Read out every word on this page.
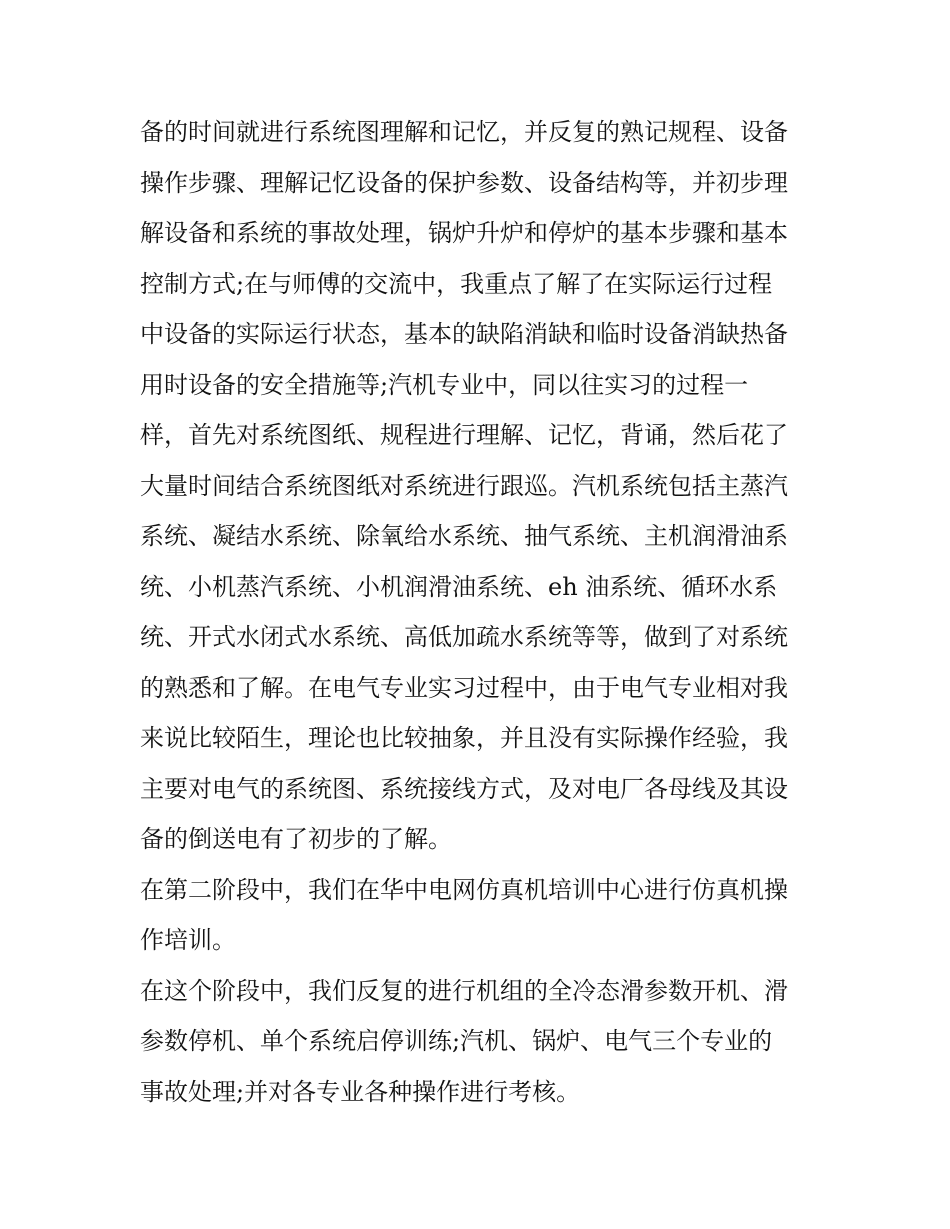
备的时间就进行系统图理解和记忆，并反复的熟记规程、设备
操作步骤、理解记忆设备的保护参数、设备结构等，并初步理
解设备和系统的事故处理，锅炉升炉和停炉的基本步骤和基本
控制方式;在与师傅的交流中，我重点了解了在实际运行过程
中设备的实际运行状态，基本的缺陷消缺和临时设备消缺热备
用时设备的安全措施等;汽机专业中，同以往实习的过程一
样，首先对系统图纸、规程进行理解、记忆，背诵，然后花了
大量时间结合系统图纸对系统进行跟巡。汽机系统包括主蒸汽
系统、凝结水系统、除氧给水系统、抽气系统、主机润滑油系
统、小机蒸汽系统、小机润滑油系统、eh 油系统、循环水系
统、开式水闭式水系统、高低加疏水系统等等，做到了对系统
的熟悉和了解。在电气专业实习过程中，由于电气专业相对我
来说比较陌生，理论也比较抽象，并且没有实际操作经验，我
主要对电气的系统图、系统接线方式，及对电厂各母线及其设
备的倒送电有了初步的了解。
在第二阶段中，我们在华中电网仿真机培训中心进行仿真机操
作培训。
在这个阶段中，我们反复的进行机组的全冷态滑参数开机、滑
参数停机、单个系统启停训练;汽机、锅炉、电气三个专业的
事故处理;并对各专业各种操作进行考核。
